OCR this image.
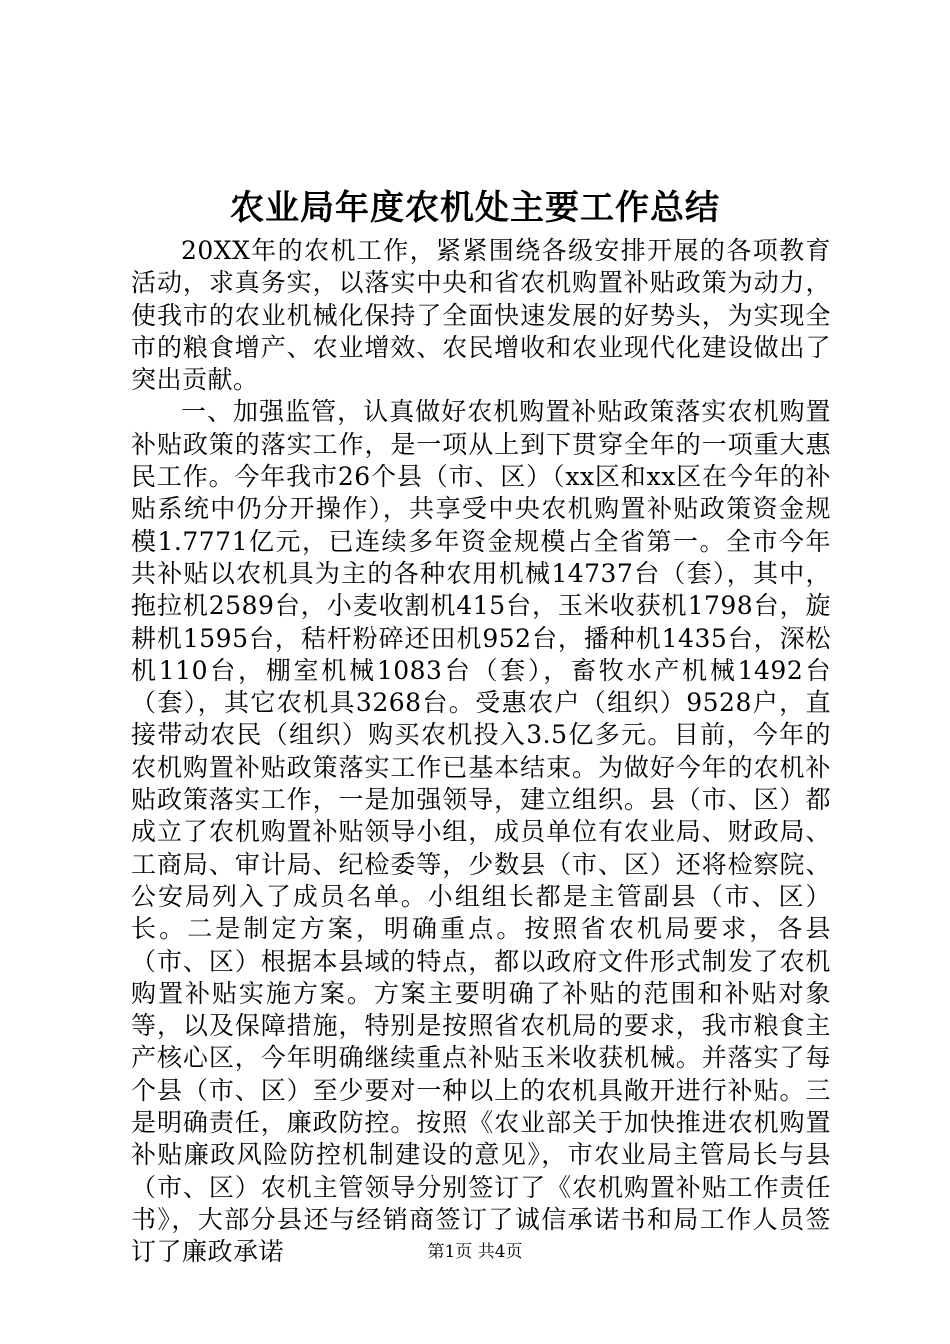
农业局年度农机处主要工作总结

20XX年的农机工作，紧紧围绕各级安排开展的各项教育活动，求真务实，以落实中央和省农机购置补贴政策为动力，使我市的农业机械化保持了全面快速发展的好势头，为实现全市的粮食增产、农业增效、农民增收和农业现代化建设做出了突出贡献。

一、加强监管，认真做好农机购置补贴政策落实农机购置补贴政策的落实工作，是一项从上到下贯穿全年的一项重大惠民工作。今年我市26个县（市、区）（xx区和xx区在今年的补贴系统中仍分开操作），共享受中央农机购置补贴政策资金规模1.7771亿元，已连续多年资金规模占全省第一。全市今年共补贴以农机具为主的各种农用机械14737台（套），其中，拖拉机2589台，小麦收割机415台，玉米收获机1798台，旋耕机1595台，秸杆粉碎还田机952台，播种机1435台，深松机110台，棚室机械1083台（套），畜牧水产机械1492台（套），其它农机具3268台。受惠农户（组织）9528户，直接带动农民（组织）购买农机投入3.5亿多元。目前，今年的农机购置补贴政策落实工作已基本结束。为做好今年的农机补贴政策落实工作，一是加强领导，建立组织。县（市、区）都成立了农机购置补贴领导小组，成员单位有农业局、财政局、工商局、审计局、纪检委等，少数县（市、区）还将检察院、公安局列入了成员名单。小组组长都是主管副县（市、区）长。二是制定方案，明确重点。按照省农机局要求，各县（市、区）根据本县域的特点，都以政府文件形式制发了农机购置补贴实施方案。方案主要明确了补贴的范围和补贴对象等，以及保障措施，特别是按照省农机局的要求，我市粮食主产核心区，今年明确继续重点补贴玉米收获机械。并落实了每个县（市、区）至少要对一种以上的农机具敞开进行补贴。三是明确责任，廉政防控。按照《农业部关于加快推进农机购置补贴廉政风险防控机制建设的意见》，市农业局主管局长与县（市、区）农机主管领导分别签订了《农机购置补贴工作责任书》，大部分县还与经销商签订了诚信承诺书和局工作人员签订了廉政承诺	第1页 共4页
